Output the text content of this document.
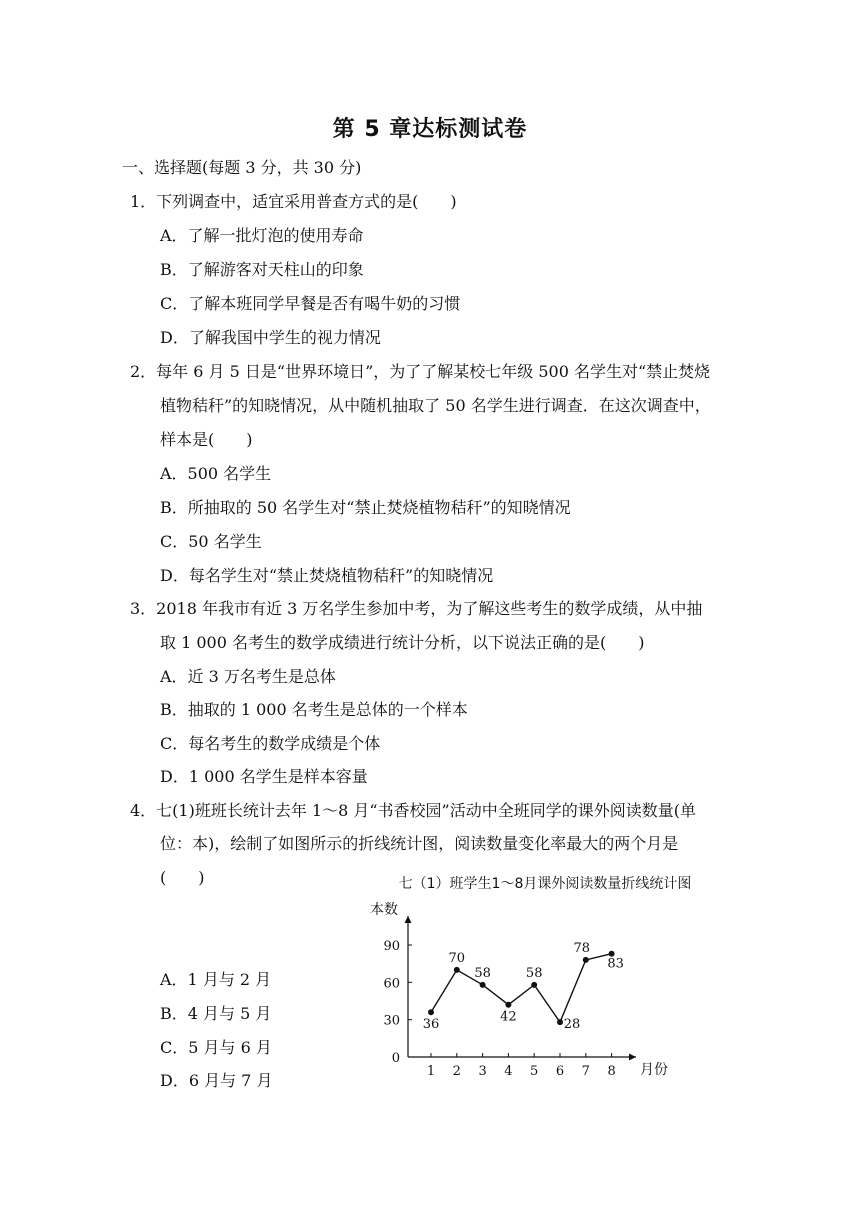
第 5 章达标测试卷
一、选择题(每题 3 分，共 30 分)
1．下列调查中，适宜采用普查方式的是(　　)
A．了解一批灯泡的使用寿命
B．了解游客对天柱山的印象
C．了解本班同学早餐是否有喝牛奶的习惯
D．了解我国中学生的视力情况
2．每年 6 月 5 日是“世界环境日”，为了了解某校七年级 500 名学生对“禁止焚烧
植物秸秆”的知晓情况，从中随机抽取了 50 名学生进行调查．在这次调查中，
样本是(　　)
A．500 名学生
B．所抽取的 50 名学生对“禁止焚烧植物秸秆”的知晓情况
C．50 名学生
D．每名学生对“禁止焚烧植物秸秆”的知晓情况
3．2018 年我市有近 3 万名学生参加中考，为了解这些考生的数学成绩，从中抽
取 1 000 名考生的数学成绩进行统计分析，以下说法正确的是(　　)
A．近 3 万名考生是总体
B．抽取的 1 000 名考生是总体的一个样本
C．每名考生的数学成绩是个体
D．1 000 名学生是样本容量
4．七(1)班班长统计去年 1～8 月“书香校园”活动中全班同学的课外阅读数量(单
位：本)，绘制了如图所示的折线统计图，阅读数量变化率最大的两个月是
(　　)
A．1 月与 2 月
B．4 月与 5 月
C．5 月与 6 月
D．6 月与 7 月
七（1）班学生1～8月课外阅读数量折线统计图
本数
月份
0
30
60
90
1 2 3 4 5 6 7 8
36
70
58
42
58
28
78
83
